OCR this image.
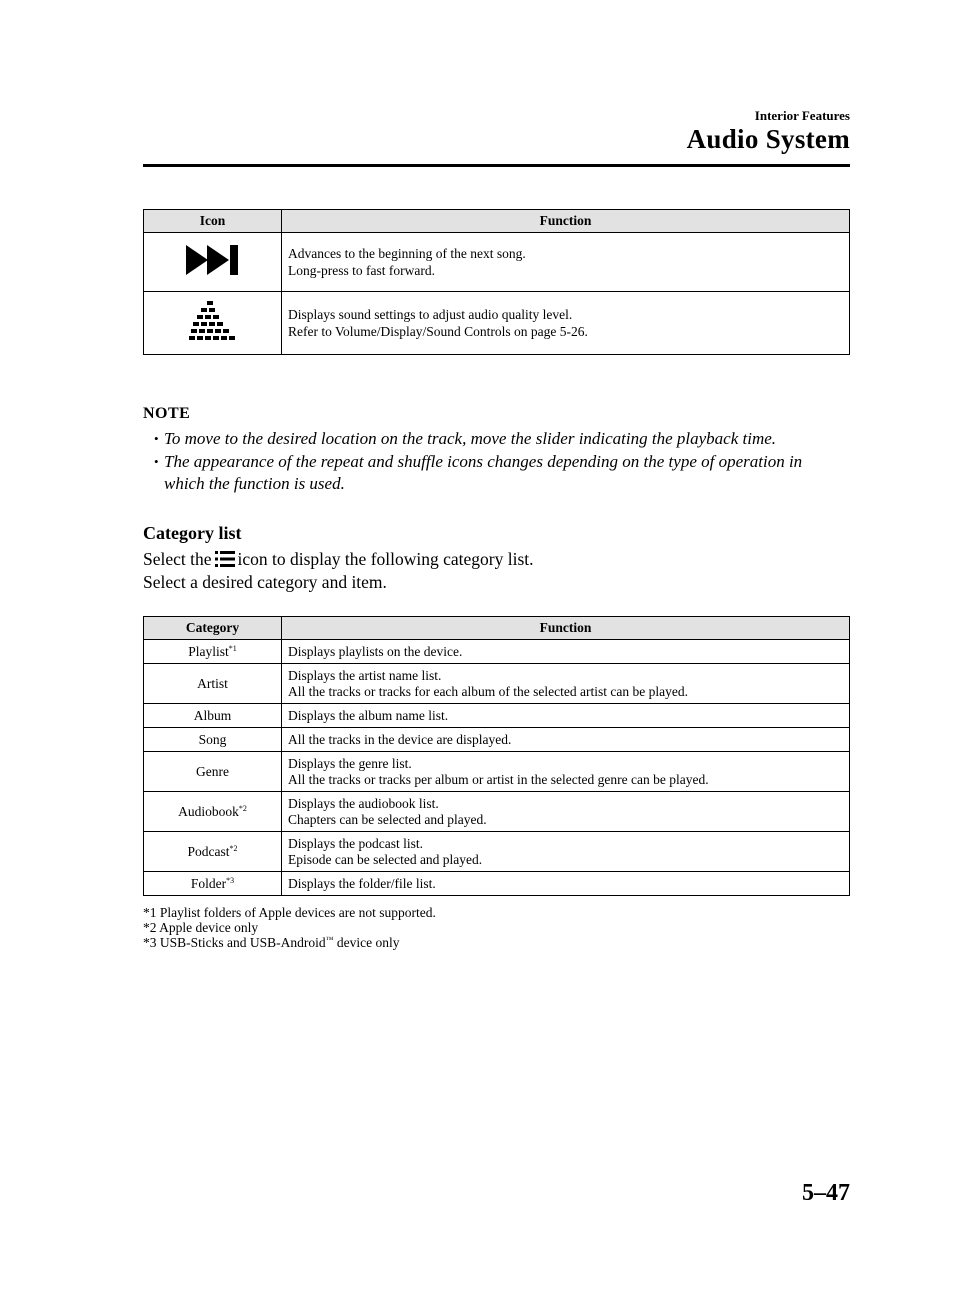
Interior Features
Audio System
Icon	Function

Advances to the beginning of the next song.
Long-press to fast forward.

Displays sound settings to adjust audio quality level.
Refer to Volume/Display/Sound Controls on page 5-26.
NOTE
• To move to the desired location on the track, move the slider indicating the playback time.
• The appearance of the repeat and shuffle icons changes depending on the type of operation in which the function is used.
Category list
Select the icon to display the following category list.
Select a desired category and item.
Category	Function
Playlist$^{*1}$	Displays playlists on the device.

Artist	Displays the artist name list.
All the tracks or tracks for each album of the selected artist can be played.

Album	Displays the album name list.

Song	All the tracks in the device are displayed.

Genre	Displays the genre list.
All the tracks or tracks per album or artist in the selected genre can be played.

Audiobook$^{*2}$	Displays the audiobook list.
Chapters can be selected and played.

Podcast$^{*2}$	Displays the podcast list.
Episode can be selected and played.

Folder$^{*3}$	Displays the folder/file list.
*1 Playlist folders of Apple devices are not supported.
*2 Apple device only
*3 USB-Sticks and USB-Android™ device only
5–47
